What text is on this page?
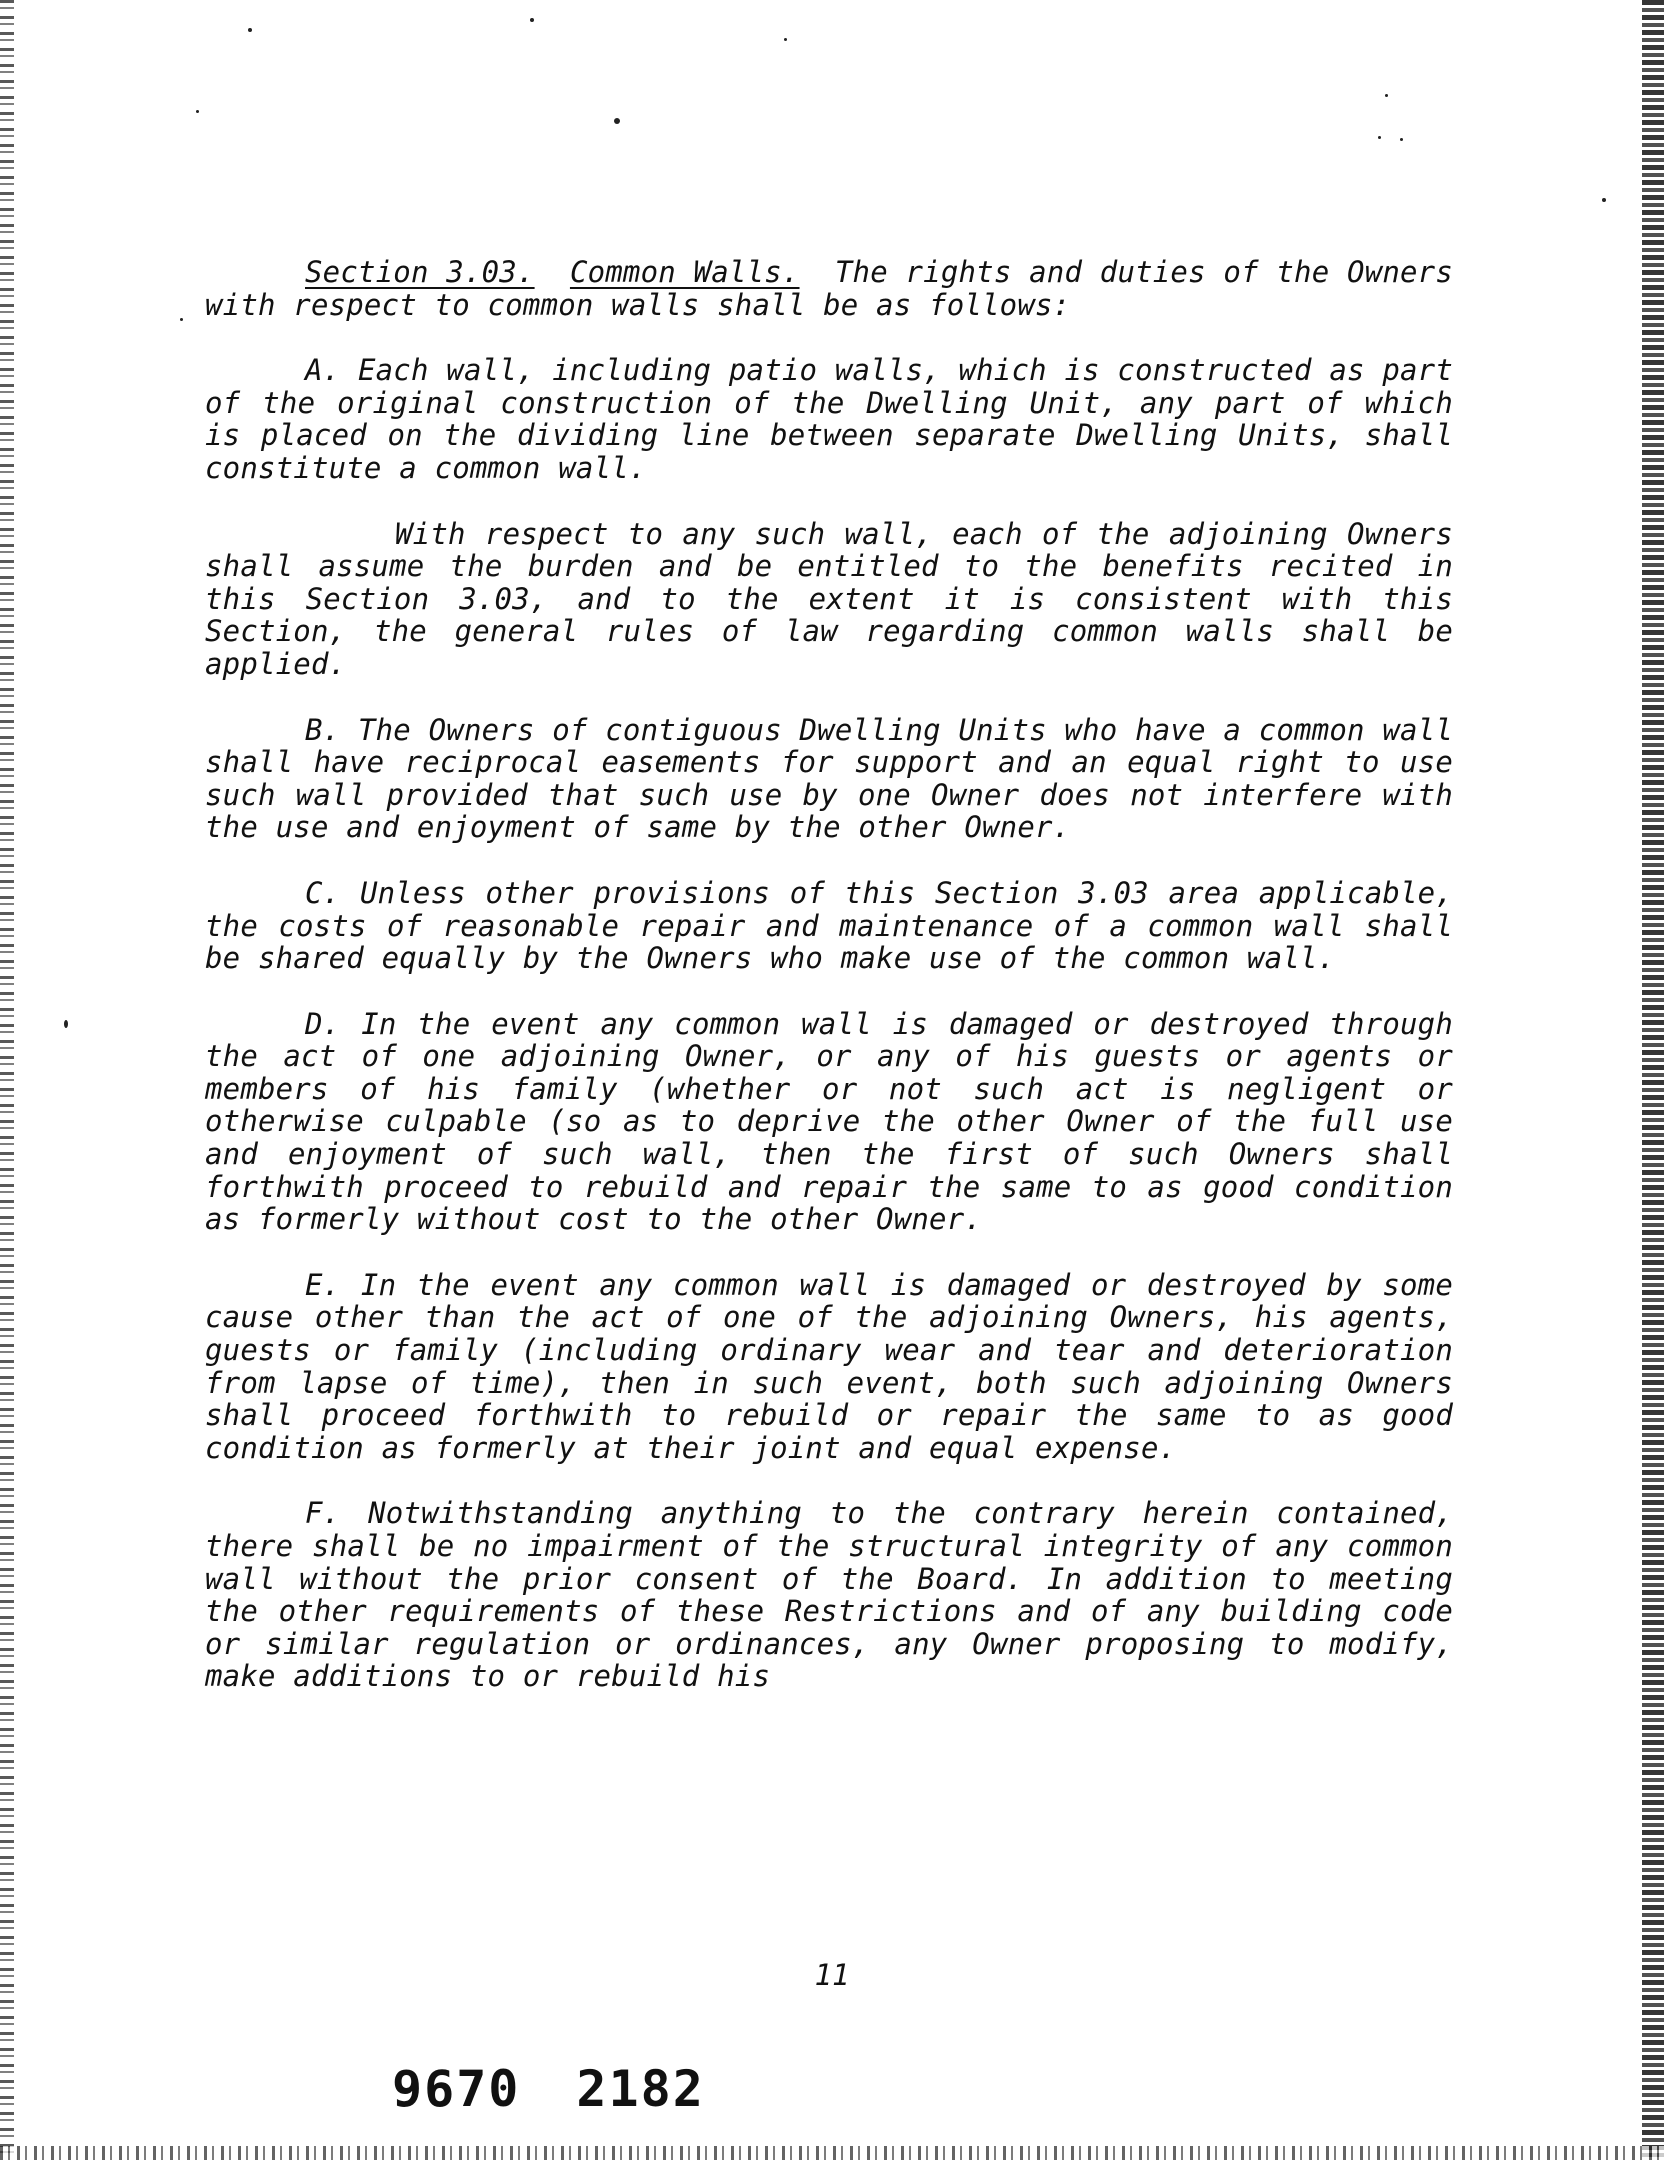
Section 3.03. Common Walls. The rights and duties of the Owners with respect to common walls shall be as follows:

A. Each wall, including patio walls, which is constructed as part of the original construction of the Dwelling Unit, any part of which is placed on the dividing line between separate Dwelling Units, shall constitute a common wall.

With respect to any such wall, each of the adjoining Owners shall assume the burden and be entitled to the benefits recited in this Section 3.03, and to the extent it is consistent with this Section, the general rules of law regarding common walls shall be applied.

B. The Owners of contiguous Dwelling Units who have a common wall shall have reciprocal easements for support and an equal right to use such wall provided that such use by one Owner does not interfere with the use and enjoyment of same by the other Owner.

C. Unless other provisions of this Section 3.03 area applicable, the costs of reasonable repair and maintenance of a common wall shall be shared equally by the Owners who make use of the common wall.

D. In the event any common wall is damaged or destroyed through the act of one adjoining Owner, or any of his guests or agents or members of his family (whether or not such act is negligent or otherwise culpable (so as to deprive the other Owner of the full use and enjoyment of such wall, then the first of such Owners shall forthwith proceed to rebuild and repair the same to as good condition as formerly without cost to the other Owner.

E. In the event any common wall is damaged or destroyed by some cause other than the act of one of the adjoining Owners, his agents, guests or family (including ordinary wear and tear and deterioration from lapse of time), then in such event, both such adjoining Owners shall proceed forthwith to rebuild or repair the same to as good condition as formerly at their joint and equal expense.

F. Notwithstanding anything to the contrary herein contained, there shall be no impairment of the structural integrity of any common wall without the prior consent of the Board. In addition to meeting the other requirements of these Restrictions and of any building code or similar regulation or ordinances, any Owner proposing to modify, make additions to or rebuild his

11
9670 2182
